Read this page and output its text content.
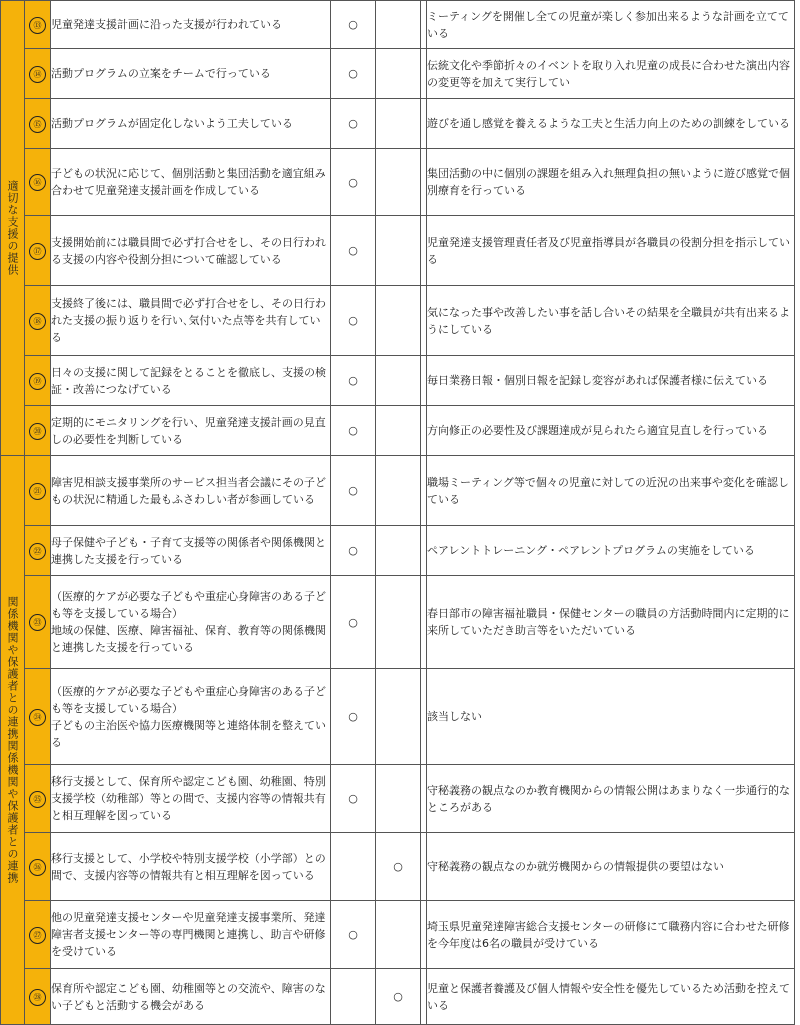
適切な支援の提供	⑬	児童発達支援計画に沿った支援が行われている	○			ミーティングを開催し全ての児童が楽しく参加出来るような計画を立てている
	⑭	活動プログラムの立案をチームで行っている	○			伝統文化や季節折々のイベントを取り入れ児童の成長に合わせた演出内容の変更等を加えて実行してい
	⑮	活動プログラムが固定化しないよう工夫している	○			遊びを通し感覚を養えるような工夫と生活力向上のための訓練をしている
	⑯	子どもの状況に応じて、個別活動と集団活動を適宜組み合わせて児童発達支援計画を作成している	○			集団活動の中に個別の課題を組み入れ無理負担の無いように遊び感覚で個別療育を行っている
	⑰	支援開始前には職員間で必ず打合せをし、その日行われる支援の内容や役割分担について確認している	○			児童発達支援管理責任者及び児童指導員が各職員の役割分担を指示している
	⑱	支援終了後には、職員間で必ず打合せをし、その日行われた支援の振り返りを行い､気付いた点等を共有している	○			気になった事や改善したい事を話し合いその結果を全職員が共有出来るようにしている
	⑲	日々の支援に関して記録をとることを徹底し、支援の検証・改善につなげている	○			毎日業務日報・個別日報を記録し変容があれば保護者様に伝えている
	⑳	定期的にモニタリングを行い、児童発達支援計画の見直しの必要性を判断している	○			方向修正の必要性及び課題達成が見られたら適宜見直しを行っている
関係機関や保護者との連携関係機関や保護者との連携	㉑	障害児相談支援事業所のサービス担当者会議にその子どもの状況に精通した最もふさわしい者が参画している	○			職場ミーティング等で個々の児童に対しての近況の出来事や変化を確認している
	㉒	母子保健や子ども・子育て支援等の関係者や関係機関と連携した支援を行っている	○			ペアレントトレーニング・ペアレントプログラムの実施をしている
	㉓	（医療的ケアが必要な子どもや重症心身障害のある子ども等を支援している場合）
地域の保健、医療、障害福祉、保育、教育等の関係機関と連携した支援を行っている	○			春日部市の障害福祉職員・保健センターの職員の方活動時間内に定期的に来所していただき助言等をいただいている
	㉔	（医療的ケアが必要な子どもや重症心身障害のある子ども等を支援している場合）
子どもの主治医や協力医療機関等と連絡体制を整えている	○			該当しない
	㉕	移行支援として、保育所や認定こども園、幼稚園、特別支援学校（幼稚部）等との間で、支援内容等の情報共有と相互理解を図っている	○			守秘義務の観点なのか教育機関からの情報公開はあまりなく一歩通行的なところがある
	㉖	移行支援として、小学校や特別支援学校（小学部）との間で、支援内容等の情報共有と相互理解を図っている		○		守秘義務の観点なのか就労機関からの情報提供の要望はない
	㉗	他の児童発達支援センターや児童発達支援事業所、発達障害者支援センター等の専門機関と連携し、助言や研修を受けている	○			埼玉県児童発達障害総合支援センターの研修にて職務内容に合わせた研修を今年度は6名の職員が受けている
	㉘	保育所や認定こども園、幼稚園等との交流や、障害のない子どもと活動する機会がある		○		児童と保護者養護及び個人情報や安全性を優先しているため活動を控えている
